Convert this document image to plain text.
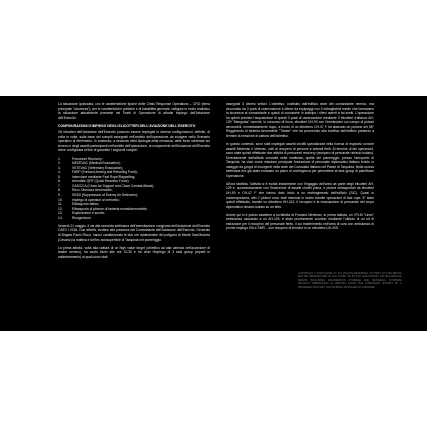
La situazione ipotizzata, con le caratteristiche tipiche delle Crisis Response Operations – CRO (tema principale "sicurezza"), per le caratteristiche politiche e di instabilità generale, raffigura in modo realistico la situazione attualmente presente nei Teatri di Operazione di attuale impiego dell'Aviazione dell'Esercito.

CONFIGURAZIONI D'IMPIEGO DEGLI ELICOTTERI DELL'AVIAZIONE DELL'ESERCITO

Gli elicotteri dell'Aviazione dell'Esercito possono essere impiegati in diverse configurazioni, definite, di volta in volta, sulla base dei compiti assegnati nell'ambito dell'operazione da svolgere nello Scenario operativo di riferimento. In sostanza, a seconda della tipologia della minaccia, delle forze schierate sul terreno e degli assetti partecipanti nell'ambito dell'operazione, la componente dell'Aviazione dell'Esercito viene configurata al fine di garantire i seguenti compiti:

Personnel Recovery;
MEDEVAC (Medical Evacuation);
VETEVAC (Veterinary Evacuation);
FARP (Forward Arming and Refueling Point);
Insercione mediante Fast Rope/Rappelling;
Airmobile QRF (Quick Reaction Force);
CAS/CCA (Close Air Support and Close Combat Attack);
Recc. Manovra Aeromobile;
SEAD (Suppression of Enemy Air Defences);
Impiego di operatori al verricello;
Elitrasporto tattico;
Elitrasporto di plotone di fanteria mortai/aeromobile;
Esplorazione e scorta;
Ricognizione.

Venerdì 21 maggio, il via alla seconda settimana dell'esercitazione congiunta dell'Aviazione dell'Esercito CAEX I 2018. Due attività, svoltesi alla presenza del Comandante dell'Aviazione dell'Esercito, Generale di Brigata Paolo Riccò, hanno caratterizzato le due ore addestrative del poligono di Monte Sant'Andrea (Cesano) la mattina e dell'ex aviosuperficie di Tarquinia nel pomeriggio.

La prima attività, volta alla cattura di un high value target (obiettivo ad alta valenza nell'accezione di leader nemico), ha avuto inizio alle ore 10.30 e ha visto l'impiego di 3 task group (reparti in addestramento) ai quali sono stati

assegnati 3 diversi settori. L'obiettivo, costituito dall'edificio sede del comandante nemico, era circondato da 3 posti di osservazione e difeso da equipaggi con 3 mitragliatrici medie che formavano la sicurezza al comandante e quindi di conoscere in anticipo i rilievi aventi a tal scelti. L'operazione ha quindi previsto l'acquisizione di questi 3 posti di osservazione mediante 3 elicotteri d'attacco AH-129 "Mangusta" nonché, in concorso di forza, elicotteri UH-90 con l'immissione sul campo di plotoni aeromobili. Immediatamente dopo, a bordo di un elicottero CH-47 F ha sbarcato un plotone del 66° Reggimento di fanteria Aeromobile "Trieste" che ha provveduto alla bonifica dell'edificio portando a termine la missione di cattura dell'obiettivo.

In questo contesto, sono stati impiegati assetti cinofili specializzati nella ricerca di esplosivi nonché assetti Medevac e Vetevac, volti al recupero di persone e animali feriti. Al termine di tali operazioni, sono state quindi effettuate due attività di personnel recovery (recupero di personale rimasto isolato). Diversamente dall'attività condotta nella mattinata, quella del pomeriggio, presso l'aeroporto di Tarquinia, ha visto come missione principale l'estrazione di personale diplomatico italiano tenuto in ostaggio da gruppi di insorgenti nella sede del Consolato italiano nel Paese di Tarquinia. Nella scorsa settimana era già stato emanato un piano di contingenza per permettere ai task group di pianificare l'operazione.

All'ora stabilita, l'attività si è svolta inizialmente con l'ingaggio dell'area da parte degli elicotteri AH-129 e, successivamente con l'inserzione di assetti cinofili prima, e plotoni elitrasportati da elicotteri UH-90 e CH-47 F che hanno dato inizio a un restringimento dell'edificio (SIC). Quasi in contemporanea, altri 2 plotoni sono stati immessi in teatro tramite operazioni di fast rope. E' stato quindi effettuato, tramite un elicottero HH-412, il recupero e la evacuazione di personale del corpo diplomatico rimasto isolato su un tetto.

Anche qui si è potuto assistere a un'attività di Forward Medevac; in prima battuta, un VTLM "Lince" ambulanza associato a un AH-129, è stato prontamente scortato mediante l'utilizzo di un kit di estrazione per il recupero del personale ferito, il cui trasferimento nell'area di cura con ambulanza di pronto impiego SIA e SMR... con recupero al termine in un elicottero UH-205.

COPYRIGHT © 2018 CIAOELI.IT. ALL RIGHTS RESERVED. NO PART OF THIS EBOOK MAY BE REPRODUCED IN ANY FORM OR BY ANY ELECTRONIC OR MECHANICAL MEANS, INCLUDING INFORMATION STORAGE AND RETRIEVAL SYSTEMS, WITHOUT PERMISSION IN WRITING FROM THE PUBLISHER, EXCEPT BY A REVIEWER WHO MAY QUOTE BRIEF PASSAGES IN A REVIEW.
